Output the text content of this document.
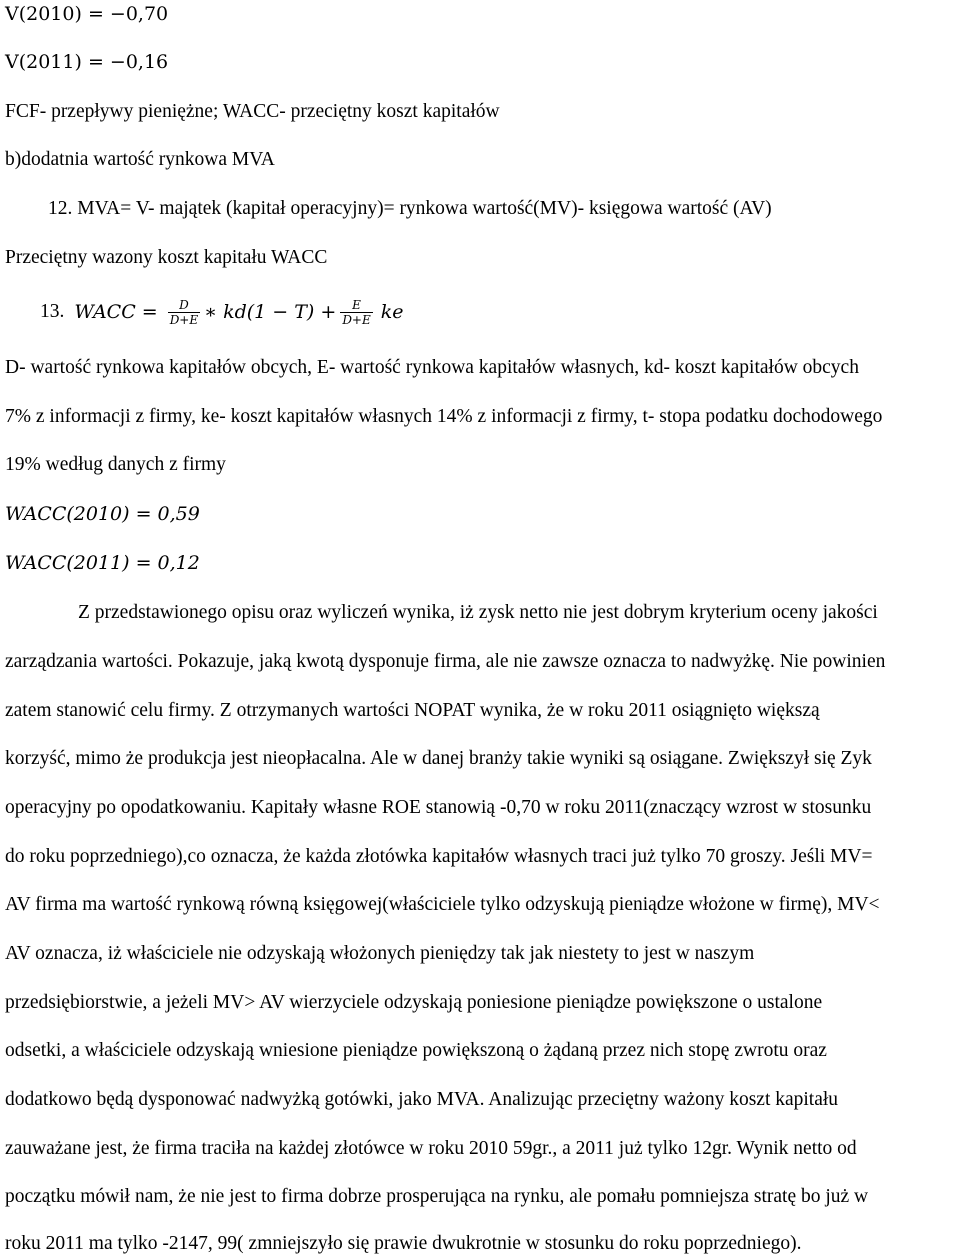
V(2010) = −0,70
V(2011) = −0,16
FCF- przepływy pieniężne; WACC- przeciętny koszt kapitałów
b)dodatnia wartość rynkowa MVA
12. MVA= V- majątek (kapitał operacyjny)= rynkowa wartość(MV)- księgowa wartość (AV)
Przeciętny wazony koszt kapitału WACC
13. WACC = $\frac{D}{D+E}$ ∗ $kd(1 - T) + \frac{E}{D+E}$ ke
D- wartość rynkowa kapitałów obcych, E- wartość rynkowa kapitałów własnych, kd- koszt kapitałów obcych
7% z informacji z firmy, ke- koszt kapitałów własnych 14% z informacji z firmy, t- stopa podatku dochodowego
19% według danych z firmy
WACC(2010) = 0,59
WACC(2011) = 0,12
Z przedstawionego opisu oraz wyliczeń wynika, iż zysk netto nie jest dobrym kryterium oceny jakości
zarządzania wartości. Pokazuje, jaką kwotą dysponuje firma, ale nie zawsze oznacza to nadwyżkę. Nie powinien
zatem stanowić celu firmy. Z otrzymanych wartości NOPAT wynika, że w roku 2011 osiągnięto większą
korzyść, mimo że produkcja jest nieopłacalna. Ale w danej branży takie wyniki są osiągane. Zwiększył się Zyk
operacyjny po opodatkowaniu. Kapitały własne ROE stanowią -0,70 w roku 2011(znaczący wzrost w stosunku
do roku poprzedniego),co oznacza, że każda złotówka kapitałów własnych traci już tylko 70 groszy. Jeśli MV=
AV firma ma wartość rynkową równą księgowej(właściciele tylko odzyskują pieniądze włożone w firmę), MV<
AV oznacza, iż właściciele nie odzyskają włożonych pieniędzy tak jak niestety to jest w naszym
przedsiębiorstwie, a jeżeli MV> AV wierzyciele odzyskają poniesione pieniądze powiększone o ustalone
odsetki, a właściciele odzyskają wniesione pieniądze powiększoną o żądaną przez nich stopę zwrotu oraz
dodatkowo będą dysponować nadwyżką gotówki, jako MVA. Analizując przeciętny ważony koszt kapitału
zauważane jest, że firma traciła na każdej złotówce w roku 2010 59gr., a 2011 już tylko 12gr. Wynik netto od
początku mówił nam, że nie jest to firma dobrze prosperująca na rynku, ale pomału pomniejsza stratę bo już w
roku 2011 ma tylko -2147, 99( zmniejszyło się prawie dwukrotnie w stosunku do roku poprzedniego).
